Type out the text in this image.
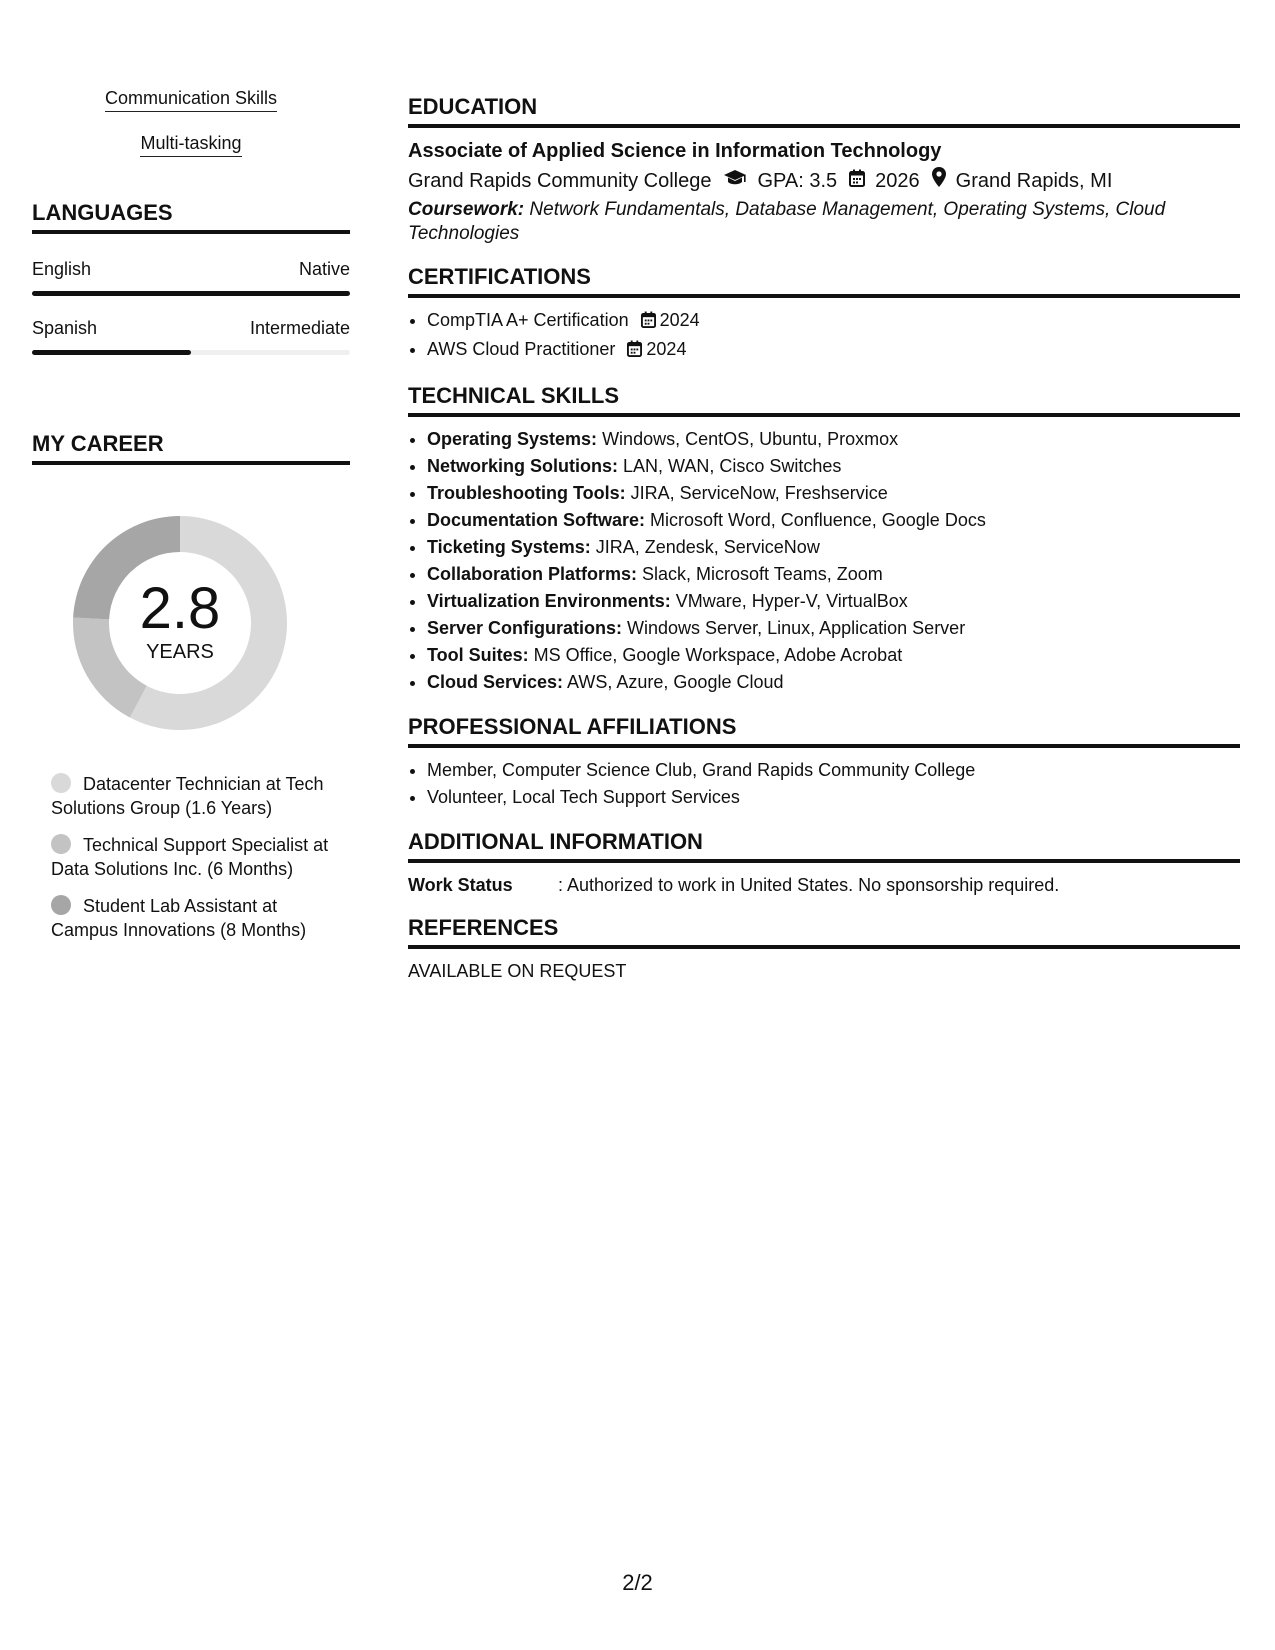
Communication Skills
Multi-tasking
LANGUAGES
English	Native
Spanish	Intermediate
MY CAREER
2.8
YEARS
Datacenter Technician at Tech Solutions Group (1.6 Years)
Technical Support Specialist at Data Solutions Inc. (6 Months)
Student Lab Assistant at Campus Innovations (8 Months)
EDUCATION
Associate of Applied Science in Information Technology
Grand Rapids Community College GPA: 3.5 2026 Grand Rapids, MI
Coursework: Network Fundamentals, Database Management, Operating Systems, Cloud Technologies
CERTIFICATIONS
• CompTIA A+ Certification 2024
• AWS Cloud Practitioner 2024
TECHNICAL SKILLS
• Operating Systems: Windows, CentOS, Ubuntu, Proxmox
• Networking Solutions: LAN, WAN, Cisco Switches
• Troubleshooting Tools: JIRA, ServiceNow, Freshservice
• Documentation Software: Microsoft Word, Confluence, Google Docs
• Ticketing Systems: JIRA, Zendesk, ServiceNow
• Collaboration Platforms: Slack, Microsoft Teams, Zoom
• Virtualization Environments: VMware, Hyper-V, VirtualBox
• Server Configurations: Windows Server, Linux, Application Server
• Tool Suites: MS Office, Google Workspace, Adobe Acrobat
• Cloud Services: AWS, Azure, Google Cloud
PROFESSIONAL AFFILIATIONS
• Member, Computer Science Club, Grand Rapids Community College
• Volunteer, Local Tech Support Services
ADDITIONAL INFORMATION
Work Status	: Authorized to work in United States. No sponsorship required.
REFERENCES
AVAILABLE ON REQUEST
2/2
